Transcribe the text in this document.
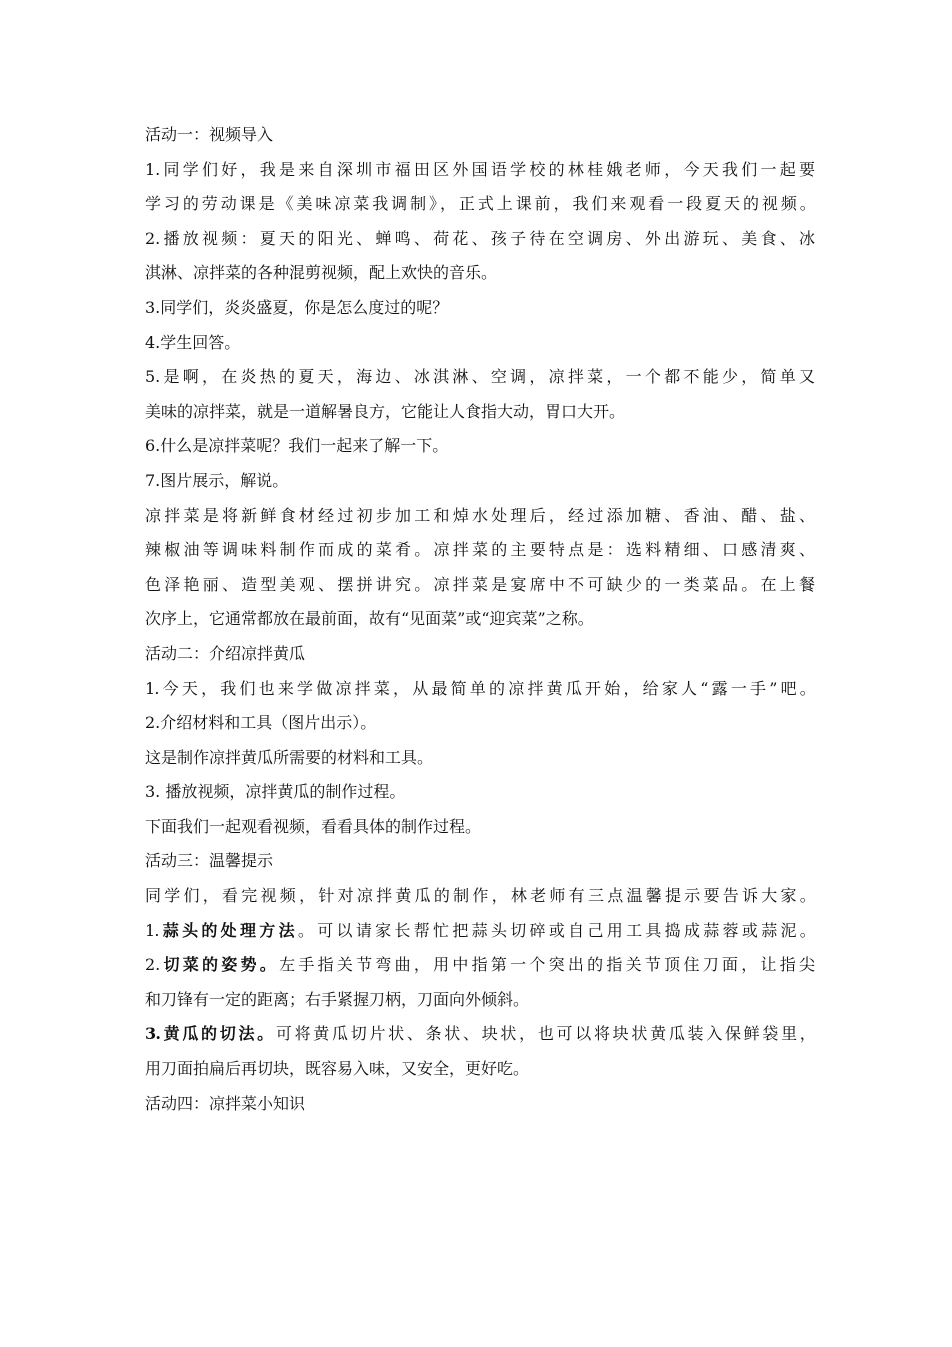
活动一：视频导入
1.同学们好，我是来自深圳市福田区外国语学校的林桂娥老师，今天我们一起要
学习的劳动课是《美味凉菜我调制》，正式上课前，我们来观看一段夏天的视频。
2.播放视频：夏天的阳光、蝉鸣、荷花、孩子待在空调房、外出游玩、美食、冰
淇淋、凉拌菜的各种混剪视频，配上欢快的音乐。
3.同学们，炎炎盛夏，你是怎么度过的呢？
4.学生回答。
5.是啊，在炎热的夏天，海边、冰淇淋、空调，凉拌菜，一个都不能少，简单又
美味的凉拌菜，就是一道解暑良方，它能让人食指大动，胃口大开。
6.什么是凉拌菜呢？我们一起来了解一下。
7.图片展示，解说。
凉拌菜是将新鲜食材经过初步加工和焯水处理后，经过添加糖、香油、醋、盐、
辣椒油等调味料制作而成的菜肴。凉拌菜的主要特点是：选料精细、口感清爽、
色泽艳丽、造型美观、摆拼讲究。凉拌菜是宴席中不可缺少的一类菜品。在上餐
次序上，它通常都放在最前面，故有“见面菜”或“迎宾菜”之称。
活动二：介绍凉拌黄瓜
1.今天，我们也来学做凉拌菜，从最简单的凉拌黄瓜开始，给家人“露一手”吧。
2.介绍材料和工具（图片出示）。
这是制作凉拌黄瓜所需要的材料和工具。
3. 播放视频，凉拌黄瓜的制作过程。
下面我们一起观看视频，看看具体的制作过程。
活动三：温馨提示
同学们，看完视频，针对凉拌黄瓜的制作，林老师有三点温馨提示要告诉大家。
1.蒜头的处理方法。可以请家长帮忙把蒜头切碎或自己用工具捣成蒜蓉或蒜泥。
2.切菜的姿势。左手指关节弯曲，用中指第一个突出的指关节顶住刀面，让指尖
和刀锋有一定的距离；右手紧握刀柄，刀面向外倾斜。
3.黄瓜的切法。可将黄瓜切片状、条状、块状，也可以将块状黄瓜装入保鲜袋里，
用刀面拍扁后再切块，既容易入味，又安全，更好吃。
活动四：凉拌菜小知识
